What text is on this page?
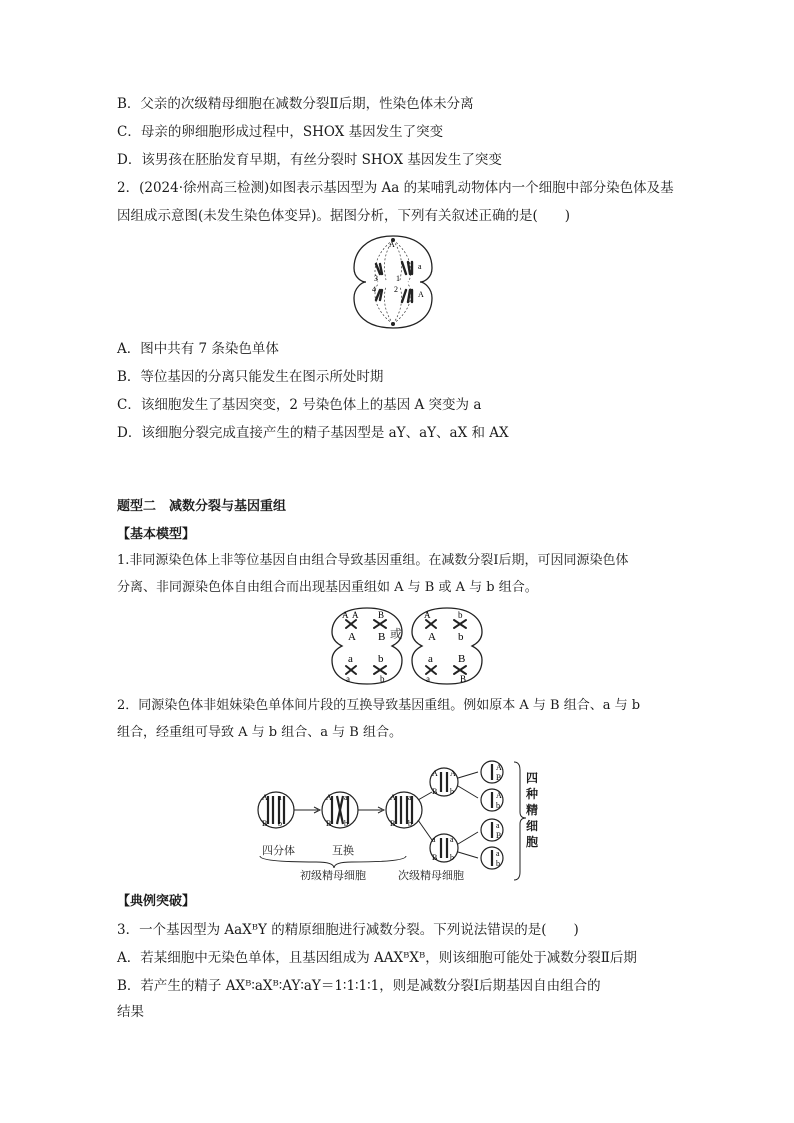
B．父亲的次级精母细胞在减数分裂Ⅱ后期，性染色体未分离
C．母亲的卵细胞形成过程中，SHOX 基因发生了突变
D．该男孩在胚胎发育早期，有丝分裂时 SHOX 基因发生了突变
2．(2024·徐州高三检测)如图表示基因型为 Aa 的某哺乳动物体内一个细胞中部分染色体及基
因组成示意图(未发生染色体变异)。据图分析，下列有关叙述正确的是(　　)
A
a
3 1
4 2
A
A．图中共有 7 条染色单体
B．等位基因的分离只能发生在图示所处时期
C．该细胞发生了基因突变，2 号染色体上的基因 A 突变为 a
D．该细胞分裂完成直接产生的精子基因型是 aY、aY、aX 和 AX
题型二　减数分裂与基因重组
【基本模型】
1.非同源染色体上非等位基因自由组合导致基因重组。在减数分裂Ⅰ后期，可因同源染色体
分离、非同源染色体自由组合而出现基因重组如 A 与 B 或 A 与 b 组合。
A A B
A B
a b
a	b
或
A	b
A b
a B
a	B
2．同源染色体非姐妹染色单体间片段的互换导致基因重组。例如原本 A 与 B 组合、a 与 b
组合，经重组可导致 A 与 b 组合、a 与 B 组合。
A a
B b
A a
B b
A a
B b
A A
B b
a a
B b
A
B
A
b
a
B
a
b
四分体	互换
初级精母细胞	次级精母细胞
四
种
精
细
胞
【典例突破】
3．一个基因型为 AaXᴮY 的精原细胞进行减数分裂。下列说法错误的是(　　)
A．若某细胞中无染色单体，且基因组成为 AAXᴮXᴮ，则该细胞可能处于减数分裂Ⅱ后期
B．若产生的精子 AXᴮ∶aXᴮ∶AY∶aY＝1∶1∶1∶1，则是减数分裂Ⅰ后期基因自由组合的
结果
